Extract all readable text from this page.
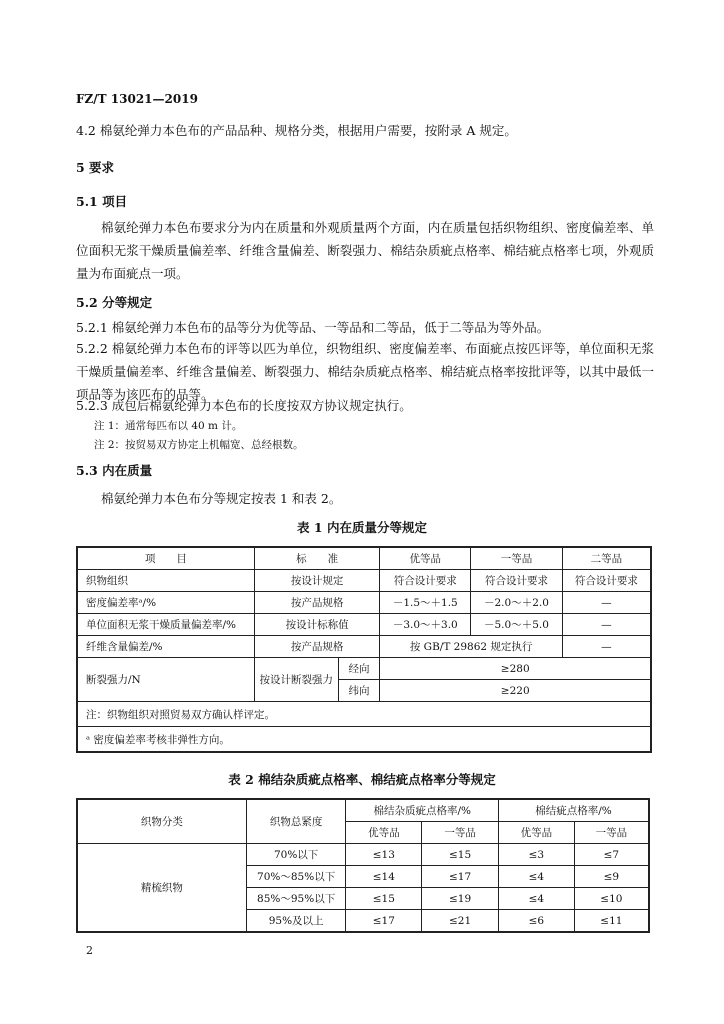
FZ/T 13021—2019
4.2 棉氨纶弹力本色布的产品品种、规格分类，根据用户需要，按附录 A 规定。
5 要求
5.1 项目
棉氨纶弹力本色布要求分为内在质量和外观质量两个方面，内在质量包括织物组织、密度偏差率、单位面积无浆干燥质量偏差率、纤维含量偏差、断裂强力、棉结杂质疵点格率、棉结疵点格率七项，外观质量为布面疵点一项。
5.2 分等规定
5.2.1 棉氨纶弹力本色布的品等分为优等品、一等品和二等品，低于二等品为等外品。
5.2.2 棉氨纶弹力本色布的评等以匹为单位，织物组织、密度偏差率、布面疵点按匹评等，单位面积无浆干燥质量偏差率、纤维含量偏差、断裂强力、棉结杂质疵点格率、棉结疵点格率按批评等，以其中最低一项品等为该匹布的品等。
5.2.3 成包后棉氨纶弹力本色布的长度按双方协议规定执行。
注 1：通常每匹布以 40 m 计。
注 2：按贸易双方协定上机幅宽、总经根数。
5.3 内在质量
棉氨纶弹力本色布分等规定按表 1 和表 2。
表 1 内在质量分等规定
项　　目	标　　准		优等品	一等品	二等品
织物组织	按设计规定		符合设计要求	符合设计要求	符合设计要求
密度偏差率ᵃ/%	按产品规格		－1.5～＋1.5	－2.0～＋2.0	—
单位面积无浆干燥质量偏差率/%	按设计标称值		－3.0～＋3.0	－5.0～＋5.0	—
纤维含量偏差/%	按产品规格		按 GB/T 29862 规定执行		—
断裂强力/N	按设计断裂强力	经向	≥280		
		纬向	≥220		
注：织物组织对照贸易双方确认样评定。					
ᵃ 密度偏差率考核非弹性方向。					
表 2 棉结杂质疵点格率、棉结疵点格率分等规定
织物分类	织物总紧度	棉结杂质疵点格率/%		棉结疵点格率/%	
		优等品	一等品	优等品	一等品
精梳织物	70%以下	≤13	≤15	≤3	≤7
	70%～85%以下	≤14	≤17	≤4	≤9
	85%～95%以下	≤15	≤19	≤4	≤10
	95%及以上	≤17	≤21	≤6	≤11
2
